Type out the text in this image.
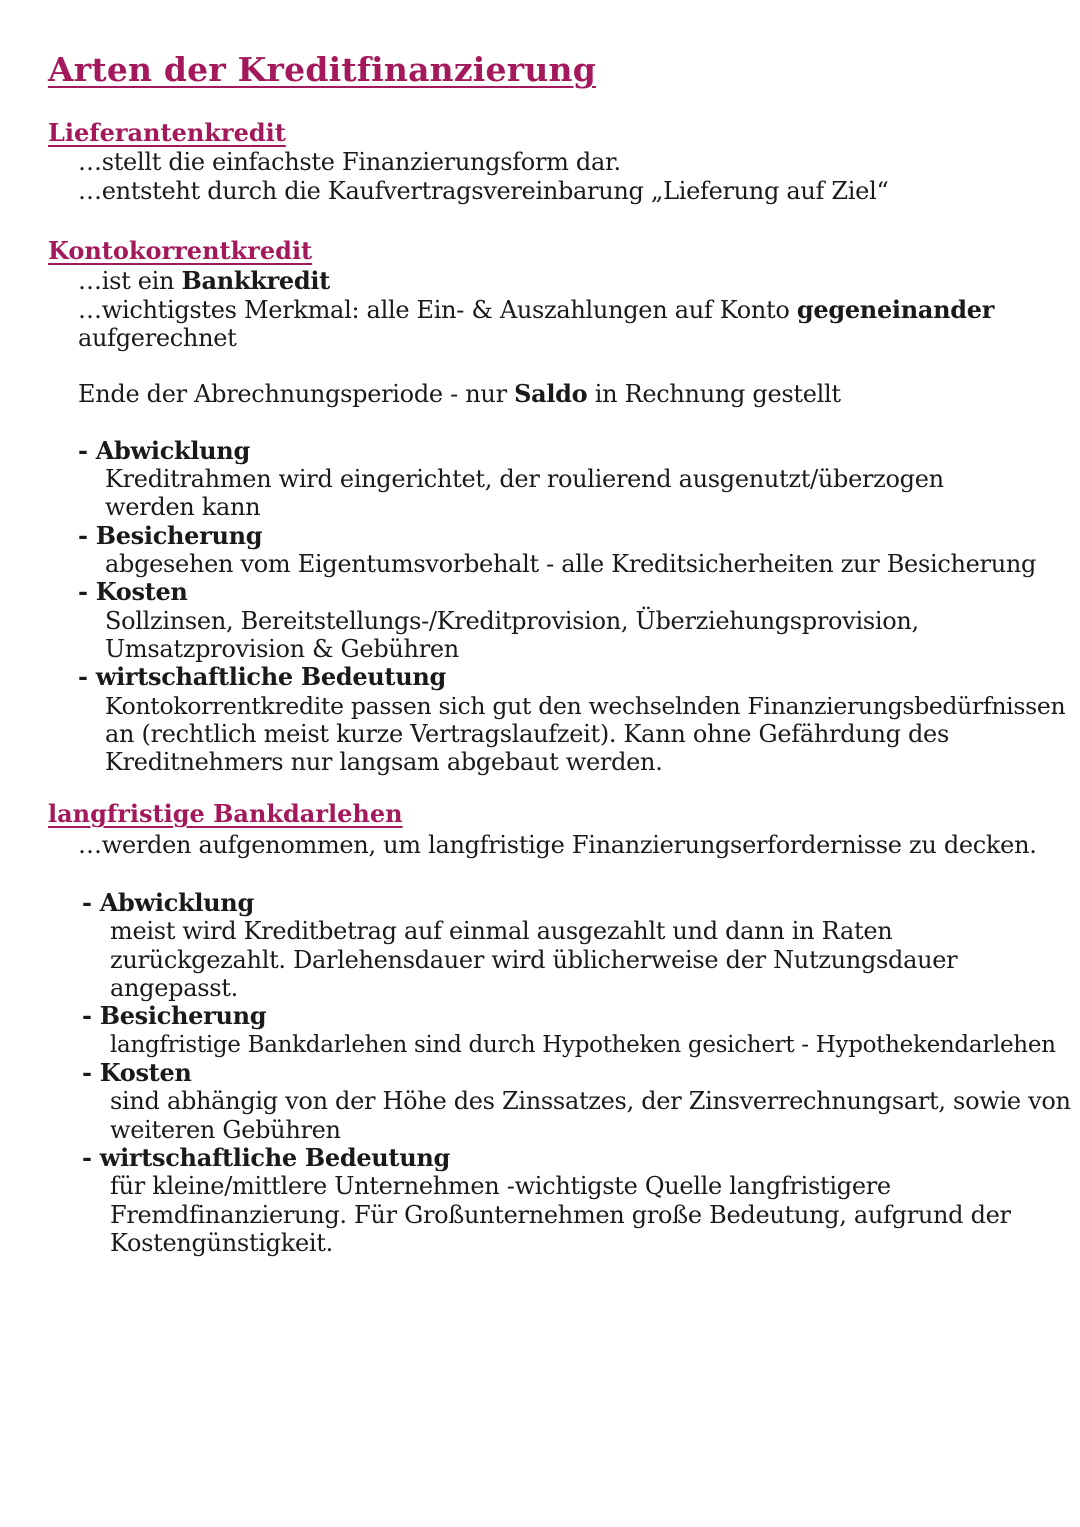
Arten der Kreditfinanzierung
Lieferantenkredit

…stellt die einfachste Finanzierungsform dar.

…entsteht durch die Kaufvertragsvereinbarung „Lieferung auf Ziel“

Kontokorrentkredit

…ist ein Bankkredit

…wichtigstes Merkmal: alle Ein- & Auszahlungen auf Konto gegeneinander

aufgerechnet

Ende der Abrechnungsperiode - nur Saldo in Rechnung gestellt

- Abwicklung

Kreditrahmen wird eingerichtet, der roulierend ausgenutzt/überzogen

werden kann

- Besicherung

abgesehen vom Eigentumsvorbehalt - alle Kreditsicherheiten zur Besicherung

- Kosten

Sollzinsen, Bereitstellungs-/Kreditprovision, Überziehungsprovision,

Umsatzprovision & Gebühren

- wirtschaftliche Bedeutung

Kontokorrentkredite passen sich gut den wechselnden Finanzierungsbedürfnissen

an (rechtlich meist kurze Vertragslaufzeit). Kann ohne Gefährdung des

Kreditnehmers nur langsam abgebaut werden.

langfristige Bankdarlehen

…werden aufgenommen, um langfristige Finanzierungserfordernisse zu decken.

- Abwicklung

meist wird Kreditbetrag auf einmal ausgezahlt und dann in Raten

zurückgezahlt. Darlehensdauer wird üblicherweise der Nutzungsdauer

angepasst.

- Besicherung

langfristige Bankdarlehen sind durch Hypotheken gesichert - Hypothekendarlehen

- Kosten

sind abhängig von der Höhe des Zinssatzes, der Zinsverrechnungsart, sowie von

weiteren Gebühren

- wirtschaftliche Bedeutung

für kleine/mittlere Unternehmen -wichtigste Quelle langfristigere

Fremdfinanzierung. Für Großunternehmen große Bedeutung, aufgrund der

Kostengünstigkeit.
